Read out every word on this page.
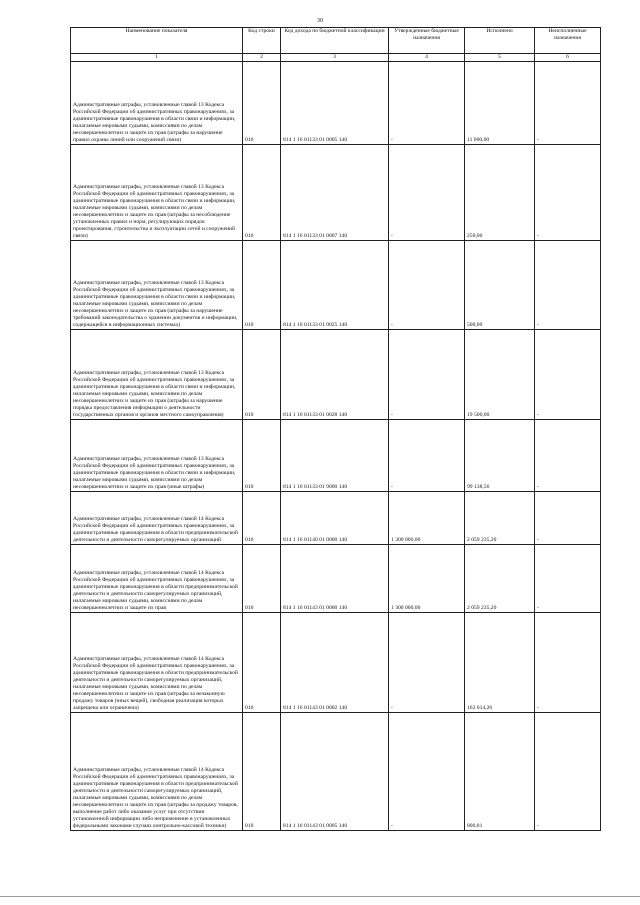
30
Наименование показателя	Код строки	Код дохода по бюджетной классификации	Утвержденные бюджетные назначения	Исполнено	Неисполненные назначения
1	2	3	4	5	6
Административные штрафы, установленные главой 13 Кодекса Российской Федерации об административных правонарушениях, за административные правонарушения в области связи и информации, налагаемые мировыми судьями, комиссиями по делам несовершеннолетних и защите их прав (штрафы за нарушение правил охраны линий или сооружений связи)	010	814 1 16 01133 01 0005 140	-	11 000,00	-
Административные штрафы, установленные главой 13 Кодекса Российской Федерации об административных правонарушениях, за административные правонарушения в области связи и информации, налагаемые мировыми судьями, комиссиями по делам несовершеннолетних и защите их прав (штрафы за несоблюдение установленных правил и норм, регулирующих порядок проектирования, строительства и эксплуатации сетей и сооружений связи)	010	814 1 16 01133 01 0007 140	-	250,00	-
Административные штрафы, установленные главой 13 Кодекса Российской Федерации об административных правонарушениях, за административные правонарушения в области связи и информации, налагаемые мировыми судьями, комиссиями по делам несовершеннолетних и защите их прав (штрафы за нарушение требований законодательства о хранении документов и информации, содержащейся в информационных системах)	010	814 1 16 01133 01 0025 140	-	500,00	-
Административные штрафы, установленные главой 13 Кодекса Российской Федерации об административных правонарушениях, за административные правонарушения в области связи и информации, налагаемые мировыми судьями, комиссиями по делам несовершеннолетних и защите их прав (штрафы за нарушение порядка предоставления информации о деятельности государственных органов и органов местного самоуправления)	010	814 1 16 01133 01 0028 140	-	19 500,00	-
Административные штрафы, установленные главой 13 Кодекса Российской Федерации об административных правонарушениях, за административные правонарушения в области связи и информации, налагаемые мировыми судьями, комиссиями по делам несовершеннолетних и защите их прав (иные штрафы)	010	814 1 16 01133 01 9000 140	-	99 138,56	-
Административные штрафы, установленные главой 14 Кодекса Российской Федерации об административных правонарушениях, за административные правонарушения в области предпринимательской деятельности и деятельности саморегулируемых организаций	010	814 1 16 01140 01 0000 140	1 300 000,00	2 059 235,20	-
Административные штрафы, установленные главой 14 Кодекса Российской Федерации об административных правонарушениях, за административные правонарушения в области предпринимательской деятельности и деятельности саморегулируемых организаций, налагаемые мировыми судьями, комиссиями по делам несовершеннолетних и защите их прав	010	814 1 16 01143 01 0000 140	1 300 000,00	2 059 235,20	-
Административные штрафы, установленные главой 14 Кодекса Российской Федерации об административных правонарушениях, за административные правонарушения в области предпринимательской деятельности и деятельности саморегулируемых организаций, налагаемые мировыми судьями, комиссиями по делам несовершеннолетних и защите их прав (штрафы за незаконную продажу товаров (иных вещей), свободная реализация которых запрещена или ограничена)	010	814 1 16 01143 01 0002 140	-	163 014,26	-
Административные штрафы, установленные главой 14 Кодекса Российской Федерации об административных правонарушениях, за административные правонарушения в области предпринимательской деятельности и деятельности саморегулируемых организаций, налагаемые мировыми судьями, комиссиями по делам несовершеннолетних и защите их прав (штрафы за продажу товаров, выполнение работ либо оказание услуг при отсутствии установленной информации либо неприменение в установленных федеральными законами случаях контрольно-кассовой техники)	010	814 1 16 01143 01 0005 140	-	800,81	-
